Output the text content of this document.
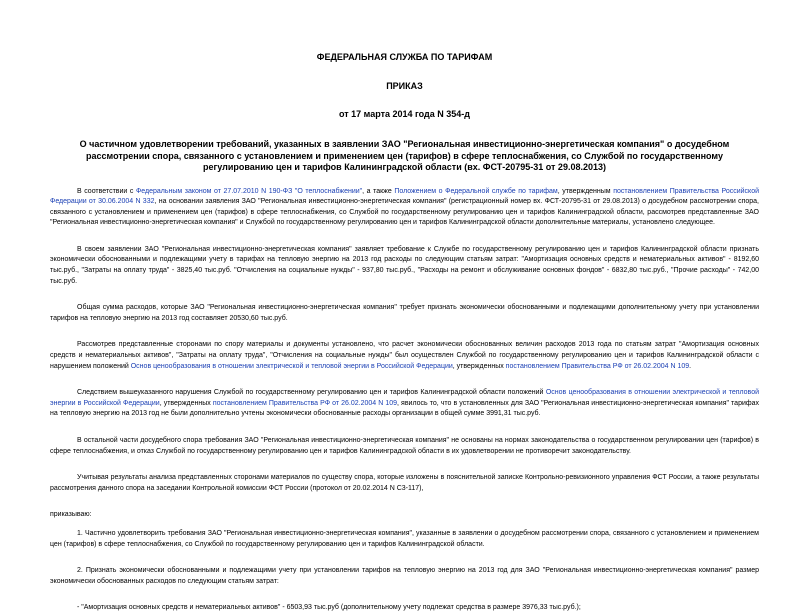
ФЕДЕРАЛЬНАЯ СЛУЖБА ПО ТАРИФАМ
ПРИКАЗ
от 17 марта 2014 года N 354-д
О частичном удовлетворении требований, указанных в заявлении ЗАО "Региональная инвестиционно-энергетическая компания" о досудебном рассмотрении спора, связанного с установлением и применением цен (тарифов) в сфере теплоснабжения, со Службой по государственному регулированию цен и тарифов Калининградской области (вх. ФСТ-20795-31 от 29.08.2013)

В соответствии с Федеральным законом от 27.07.2010 N 190-ФЗ "О теплоснабжении", а также Положением о Федеральной службе по тарифам, утвержденным постановлением Правительства Российской Федерации от 30.06.2004 N 332, на основании заявления ЗАО "Региональная инвестиционно-энергетическая компания" (регистрационный номер вх. ФСТ-20795-31 от 29.08.2013) о досудебном рассмотрении спора, связанного с установлением и применением цен (тарифов) в сфере теплоснабжения, со Службой по государственному регулированию цен и тарифов Калининградской области, рассмотрев представленные ЗАО "Региональная инвестиционно-энергетическая компания" и Службой по государственному регулированию цен и тарифов Калининградской области дополнительные материалы, установлено следующее.

В своем заявлении ЗАО "Региональная инвестиционно-энергетическая компания" заявляет требование к Службе по государственному регулированию цен и тарифов Калининградской области признать экономически обоснованными и подлежащими учету в тарифах на тепловую энергию на 2013 год расходы по следующим статьям затрат: "Амортизация основных средств и нематериальных активов" - 8192,60 тыс.руб., "Затраты на оплату труда" - 3825,40 тыс.руб. "Отчисления на социальные нужды" - 937,80 тыс.руб., "Расходы на ремонт и обслуживание основных фондов" - 6832,80 тыс.руб., "Прочие расходы" - 742,00 тыс.руб.

Общая сумма расходов, которые ЗАО "Региональная инвестиционно-энергетическая компания" требует признать экономически обоснованными и подлежащими дополнительному учету при установлении тарифов на тепловую энергию на 2013 год составляет 20530,60 тыс.руб.

Рассмотрев представленные сторонами по спору материалы и документы установлено, что расчет экономически обоснованных величин расходов 2013 года по статьям затрат "Амортизация основных средств и нематериальных активов", "Затраты на оплату труда", "Отчисления на социальные нужды" был осуществлен Службой по государственному регулированию цен и тарифов Калининградской области с нарушением положений Основ ценообразования в отношении электрической и тепловой энергии в Российской Федерации, утвержденных постановлением Правительства РФ от 26.02.2004 N 109.

Следствием вышеуказанного нарушения Службой по государственному регулированию цен и тарифов Калининградской области положений Основ ценообразования в отношении электрической и тепловой энергии в Российской Федерации, утвержденных постановлением Правительства РФ от 26.02.2004 N 109, явилось то, что в установленных для ЗАО "Региональная инвестиционно-энергетическая компания" тарифах на тепловую энергию на 2013 год не были дополнительно учтены экономически обоснованные расходы организации в общей сумме 3991,31 тыс.руб.

В остальной части досудебного спора требования ЗАО "Региональная инвестиционно-энергетическая компания" не основаны на нормах законодательства о государственном регулировании цен (тарифов) в сфере теплоснабжения, и отказ Службой по государственному регулированию цен и тарифов Калининградской области в их удовлетворении не противоречит законодательству.

Учитывая результаты анализа представленных сторонами материалов по существу спора, которые изложены в пояснительной записке Контрольно-ревизионного управления ФСТ России, а также результаты рассмотрения данного спора на заседании Контрольной комиссии ФСТ России (протокол от 20.02.2014 N С3-117),

приказываю:

1. Частично удовлетворить требования ЗАО "Региональная инвестиционно-энергетическая компания", указанные в заявлении о досудебном рассмотрении спора, связанного с установлением и применением цен (тарифов) в сфере теплоснабжения, со Службой по государственному регулированию цен и тарифов Калининградской области.

2. Признать экономически обоснованными и подлежащими учету при установлении тарифов на тепловую энергию на 2013 год для ЗАО "Региональная инвестиционно-энергетическая компания" размер экономически обоснованных расходов по следующим статьям затрат:

- "Амортизация основных средств и нематериальных активов" - 6503,93 тыс.руб (дополнительному учету подлежат средства в размере 3976,33 тыс.руб.);
